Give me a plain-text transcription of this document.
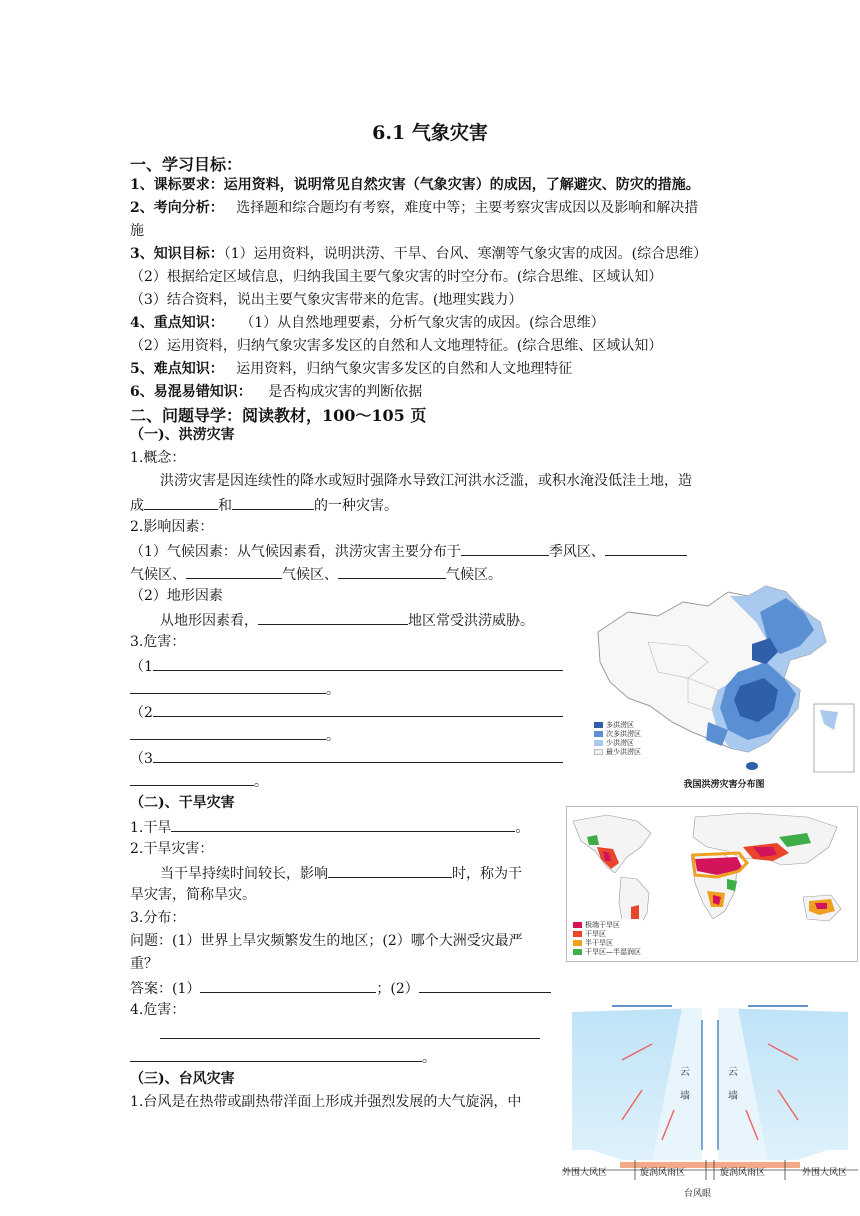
6.1 气象灾害
一、学习目标：
1、课标要求：运用资料，说明常见自然灾害（气象灾害）的成因，了解避灾、防灾的措施。
2、考向分析： 选择题和综合题均有考察，难度中等；主要考察灾害成因以及影响和解决措
施
3、知识目标：（1）运用资料，说明洪涝、干旱、台风、寒潮等气象灾害的成因。(综合思维）
（2）根据给定区域信息，归纳我国主要气象灾害的时空分布。(综合思维、区域认知）
（3）结合资料，说出主要气象灾害带来的危害。(地理实践力）
4、重点知识： （1）从自然地理要素，分析气象灾害的成因。(综合思维）
（2）运用资料，归纳气象灾害多发区的自然和人文地理特征。(综合思维、区域认知）
5、难点知识： 运用资料，归纳气象灾害多发区的自然和人文地理特征
6、易混易错知识： 是否构成灾害的判断依据
二、问题导学：阅读教材，100～105 页
（一)、洪涝灾害
1.概念：
洪涝灾害是因连续性的降水或短时强降水导致江河洪水泛滥，或积水淹没低洼土地，造
成	和	的一种灾害。
2.影响因素：
（1）气候因素：从气候因素看，洪涝灾害主要分布于	季风区、
气候区、	气候区、	气候区。
（2）地形因素
从地形因素看，	地区常受洪涝威胁。
3.危害：
（1
。
（2
。
（3
。
（二)、干旱灾害
1.干旱	。
2.干旱灾害：
当干旱持续时间较长，影响	时，称为干
旱灾害，简称旱灾。
3.分布：
问题：(1）世界上旱灾频繁发生的地区；(2）哪个大洲受灾最严
重？
答案：(1）	；(2）
4.危害：
。
（三)、台风灾害
1.台风是在热带或副热带洋面上形成并强烈发展的大气旋涡，中
多洪涝区
次多洪涝区
少洪涝区
最少洪涝区
我国洪涝灾害分布图
极端干旱区
干旱区
半干旱区
干旱区—半湿润区
云
墙
云
墙
外围大风区	旋涡风雨区	旋涡风雨区	外围大风区
台风眼
